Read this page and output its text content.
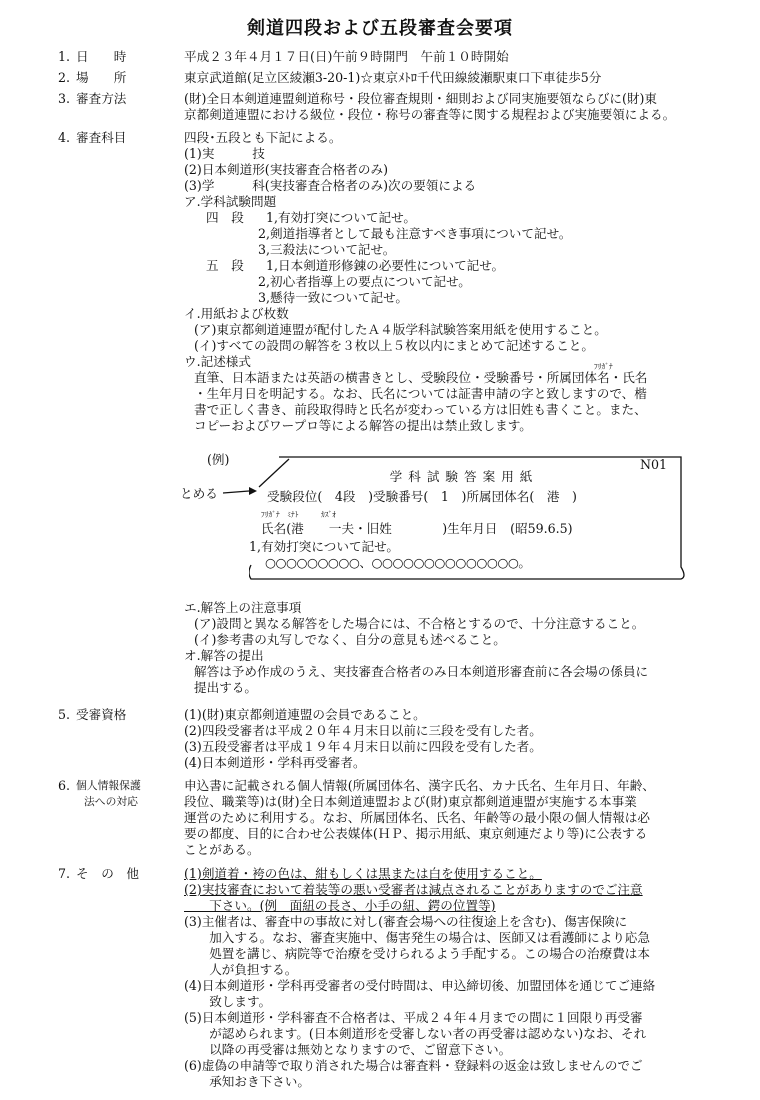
剣道四段および五段審査会要項
1. 日　　時	平成２３年４月１７日(日)午前９時開門　午前１０時開始
2. 場　　所	東京武道館(足立区綾瀬3-20-1)☆東京ﾒﾄﾛ千代田線綾瀬駅東口下車徒歩5分
3. 審査方法	(財)全日本剣道連盟剣道称号・段位審査規則・細則および同実施要領ならびに(財)東
京都剣道連盟における級位・段位・称号の審査等に関する規程および実施要領による。
4. 審査科目	四段･五段とも下記による。
(1)実　　　技
(2)日本剣道形(実技審査合格者のみ)
(3)学　　　科(実技審査合格者のみ)次の要領による
ア.学科試験問題
四　段	1,有効打突について記せ。
2,剣道指導者として最も注意すべき事項について記せ。
3,三殺法について記せ。
五　段	1,日本剣道形修錬の必要性について記せ。
2,初心者指導上の要点について記せ。
3,懸待一致について記せ。
イ.用紙および枚数
(ア)東京都剣道連盟が配付したＡ４版学科試験答案用紙を使用すること。
(イ)すべての設問の解答を３枚以上５枚以内にまとめて記述すること。
ウ.記述様式
直筆、日本語または英語の横書きとし、受験段位・受験番号・所属団体名・氏名
ﾌﾘｶﾞﾅ
・生年月日を明記する。なお、氏名については証書申請の字と致しますので、楷
書で正しく書き、前段取得時と氏名が変わっている方は旧姓も書くこと。また、
コピーおよびワープロ等による解答の提出は禁止致します。
(例)
とめる
N01
学科試験答案用紙
受験段位(　4段　)受験番号(　1　)所属団体名(　港　)
ﾌﾘｶﾞﾅ　ﾐﾅﾄ　　　ｶｽﾞｵ
氏名(港　　一夫・旧姓　　　　)生年月日　(昭59.6.5)
1,有効打突について記せ。
○○○○○○○○○、○○○○○○○○○○○○○○。
エ.解答上の注意事項
(ア)設問と異なる解答をした場合には、不合格とするので、十分注意すること。
(イ)参考書の丸写しでなく、自分の意見も述べること。
オ.解答の提出
解答は予め作成のうえ、実技審査合格者のみ日本剣道形審査前に各会場の係員に
提出する。
5. 受審資格	(1)(財)東京都剣道連盟の会員であること。
(2)四段受審者は平成２０年４月末日以前に三段を受有した者。
(3)五段受審者は平成１９年４月末日以前に四段を受有した者。
(4)日本剣道形・学科再受審者。
6. 個人情報保護
法への対応
申込書に記載される個人情報(所属団体名、漢字氏名、カナ氏名、生年月日、年齢、
段位、職業等)は(財)全日本剣道連盟および(財)東京都剣道連盟が実施する本事業
運営のために利用する。なお、所属団体名、氏名、年齢等の最小限の個人情報は必
要の都度、目的に合わせ公表媒体(ＨＰ、掲示用紙、東京剣連だより等)に公表する
ことがある。
7. そ　の　他	(1)剣道着・袴の色は、紺もしくは黒または白を使用すること。
(2)実技審査において着装等の悪い受審者は減点されることがありますのでご注意
　　下さい。(例　面紐の長さ、小手の紐、鍔の位置等)
(3)主催者は、審査中の事故に対し(審査会場への往復途上を含む)、傷害保険に
　　加入する。なお、審査実施中、傷害発生の場合は、医師又は看護師により応急
　　処置を講じ、病院等で治療を受けられるよう手配する。この場合の治療費は本
　　人が負担する。
(4)日本剣道形・学科再受審者の受付時間は、申込締切後、加盟団体を通じてご連絡
　　致します。
(5)日本剣道形・学科審査不合格者は、平成２４年４月までの間に１回限り再受審
　　が認められます。(日本剣道形を受審しない者の再受審は認めない)なお、それ
　　以降の再受審は無効となりますので、ご留意下さい。
(6)虚偽の申請等で取り消された場合は審査料・登録料の返金は致しませんのでご
　　承知おき下さい。
